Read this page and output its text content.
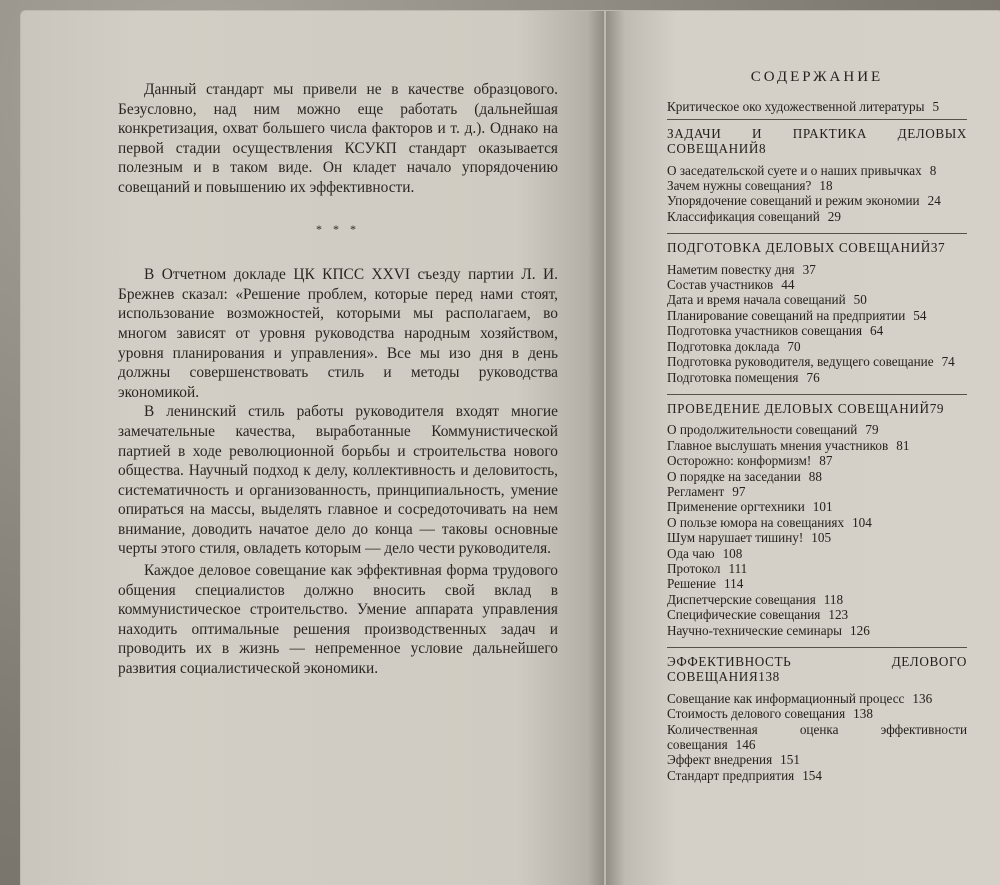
Данный стандарт мы привели не в качестве образцового. Безусловно, над ним можно еще работать (дальнейшая конкретизация, охват большего числа факторов и т. д.). Однако на первой стадии осуществления КСУКП стандарт оказывается полезным и в таком виде. Он кладет начало упорядочению совещаний и повышению их эффективности.

* * *

В Отчетном докладе ЦК КПСС XXVI съезду партии Л. И. Брежнев сказал: «Решение проблем, которые перед нами стоят, использование возможностей, которыми мы располагаем, во многом зависят от уровня руководства народным хозяйством, уровня планирования и управления». Все мы изо дня в день должны совершенствовать стиль и методы руководства экономикой.

В ленинский стиль работы руководителя входят многие замечательные качества, выработанные Коммунистической партией в ходе революционной борьбы и строительства нового общества. Научный подход к делу, коллективность и деловитость, систематичность и организованность, принципиальность, умение опираться на массы, выделять главное и сосредоточивать на нем внимание, доводить начатое дело до конца — таковы основные черты этого стиля, овладеть которым — дело чести руководителя.

Каждое деловое совещание как эффективная форма трудового общения специалистов должно вносить свой вклад в коммунистическое строительство. Умение аппарата управления находить оптимальные решения производственных задач и проводить их в жизнь — непременное условие дальнейшего развития социалистической экономики.

СОДЕРЖАНИЕ
Критическое око художественной литературы 5
ЗАДАЧИ И ПРАКТИКА ДЕЛОВЫХ СОВЕЩАНИЙ8
О заседательской суете и о наших привычках 8
Зачем нужны совещания? 18
Упорядочение совещаний и режим экономии 24
Классификация совещаний 29
ПОДГОТОВКА ДЕЛОВЫХ СОВЕЩАНИЙ37
Наметим повестку дня 37
Состав участников 44
Дата и время начала совещаний 50
Планирование совещаний на предприятии 54
Подготовка участников совещания 64
Подготовка доклада 70
Подготовка руководителя, ведущего совещание 74
Подготовка помещения 76
ПРОВЕДЕНИЕ ДЕЛОВЫХ СОВЕЩАНИЙ79
О продолжительности совещаний 79
Главное выслушать мнения участников 81
Осторожно: конформизм! 87
О порядке на заседании 88
Регламент 97
Применение оргтехники 101
О пользе юмора на совещаниях 104
Шум нарушает тишину! 105
Ода чаю 108
Протокол 111
Решение 114
Диспетчерские совещания 118
Специфические совещания 123
Научно-технические семинары 126
ЭФФЕКТИВНОСТЬ ДЕЛОВОГО СОВЕЩАНИЯ138
Совещание как информационный процесс 136
Стоимость делового совещания 138
Количественная оценка эффективности совещания 146
Эффект внедрения 151
Стандарт предприятия 154
